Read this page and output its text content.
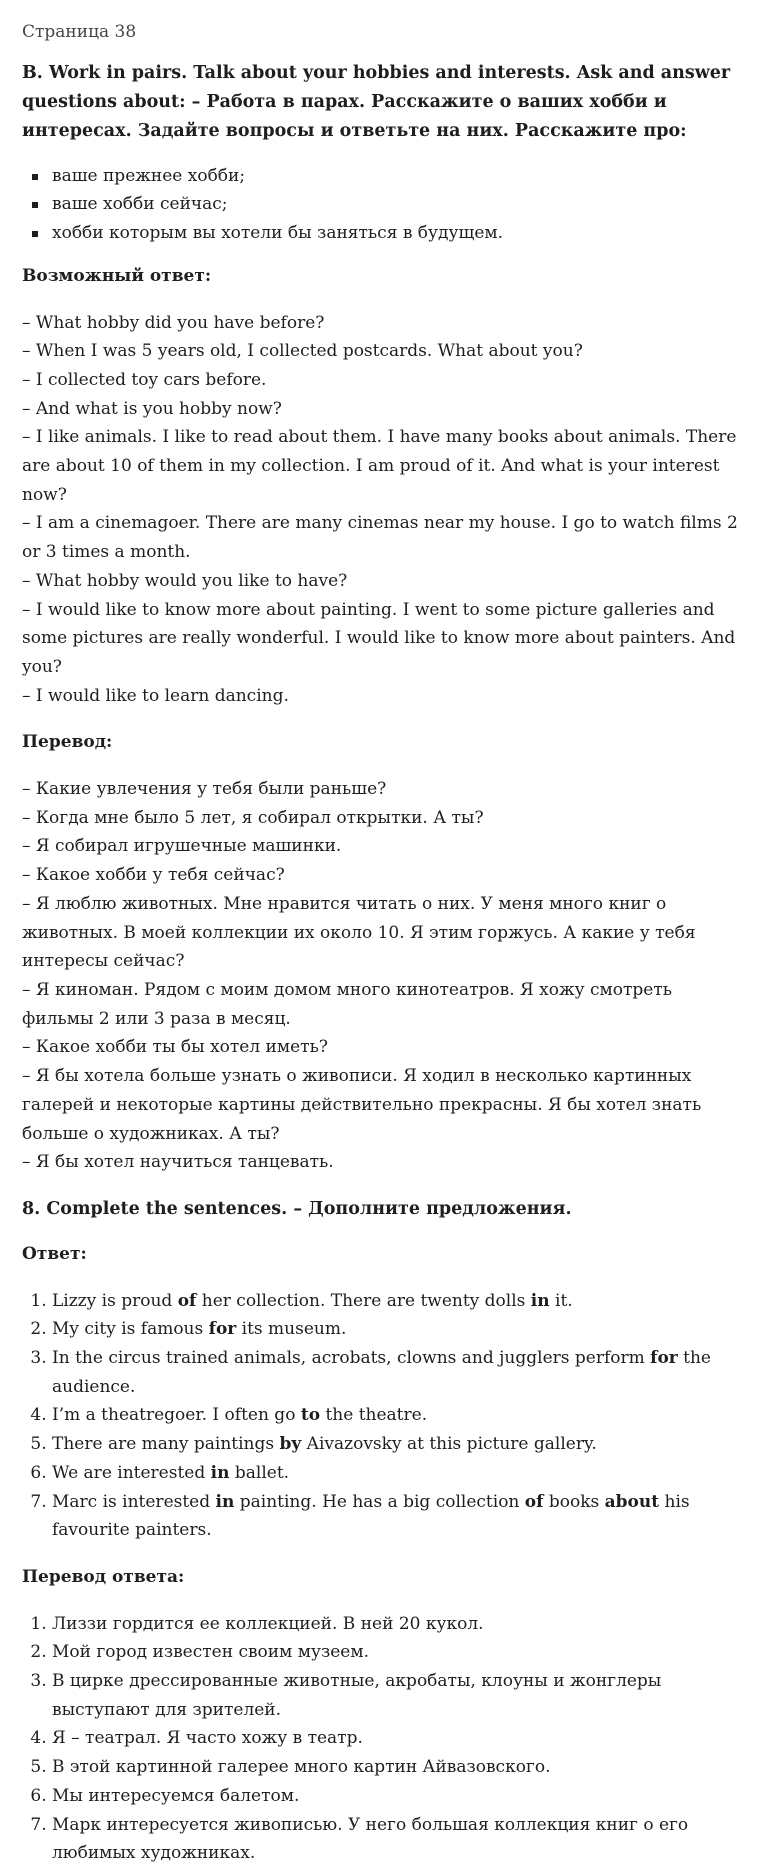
Страница 38

B. Work in pairs. Talk about your hobbies and interests. Ask and answer questions about: – Работа в парах. Расскажите о ваших хобби и интересах. Задайте вопросы и ответьте на них. Расскажите про:
ваше прежнее хобби;
ваше хобби сейчас;
хобби которым вы хотели бы заняться в будущем.

Возможный ответ:

– What hobby did you have before?

– When I was 5 years old, I collected postcards. What about you?

– I collected toy cars before.

– And what is you hobby now?

– I like animals. I like to read about them. I have many books about animals. There are about 10 of them in my collection. I am proud of it. And what is your interest now?

– I am a cinemagoer. There are many cinemas near my house. I go to watch films 2 or 3 times a month.

– What hobby would you like to have?

– I would like to know more about painting. I went to some picture galleries and some pictures are really wonderful. I would like to know more about painters. And you?

– I would like to learn dancing.

Перевод:

– Какие увлечения у тебя были раньше?

– Когда мне было 5 лет, я собирал открытки. А ты?

– Я собирал игрушечные машинки.

– Какое хобби у тебя сейчас?

– Я люблю животных. Мне нравится читать о них. У меня много книг о животных. В моей коллекции их около 10. Я этим горжусь. А какие у тебя интересы сейчас?

– Я киноман. Рядом с моим домом много кинотеатров. Я хожу смотреть фильмы 2 или 3 раза в месяц.

– Какое хобби ты бы хотел иметь?

– Я бы хотела больше узнать о живописи. Я ходил в несколько картинных галерей и некоторые картины действительно прекрасны. Я бы хотел знать больше о художниках. А ты?

– Я бы хотел научиться танцевать.

8. Complete the sentences. – Дополните предложения.

Ответ:

1. Lizzy is proud of her collection. There are twenty dolls in it.
2. My city is famous for its museum.
3. In the circus trained animals, acrobats, clowns and jugglers perform for the audience.
4. I’m a theatregoer. I often go to the theatre.
5. There are many paintings by Aivazovsky at this picture gallery.
6. We are interested in ballet.
7. Marc is interested in painting. He has a big collection of books about his favourite painters.

Перевод ответа:

1. Лиззи гордится ее коллекцией. В ней 20 кукол.
2. Мой город известен своим музеем.
3. В цирке дрессированные животные, акробаты, клоуны и жонглеры выступают для зрителей.
4. Я – театрал. Я часто хожу в театр.
5. В этой картинной галерее много картин Айвазовского.
6. Мы интересуемся балетом.
7. Марк интересуется живописью. У него большая коллекция книг о его любимых художниках.
